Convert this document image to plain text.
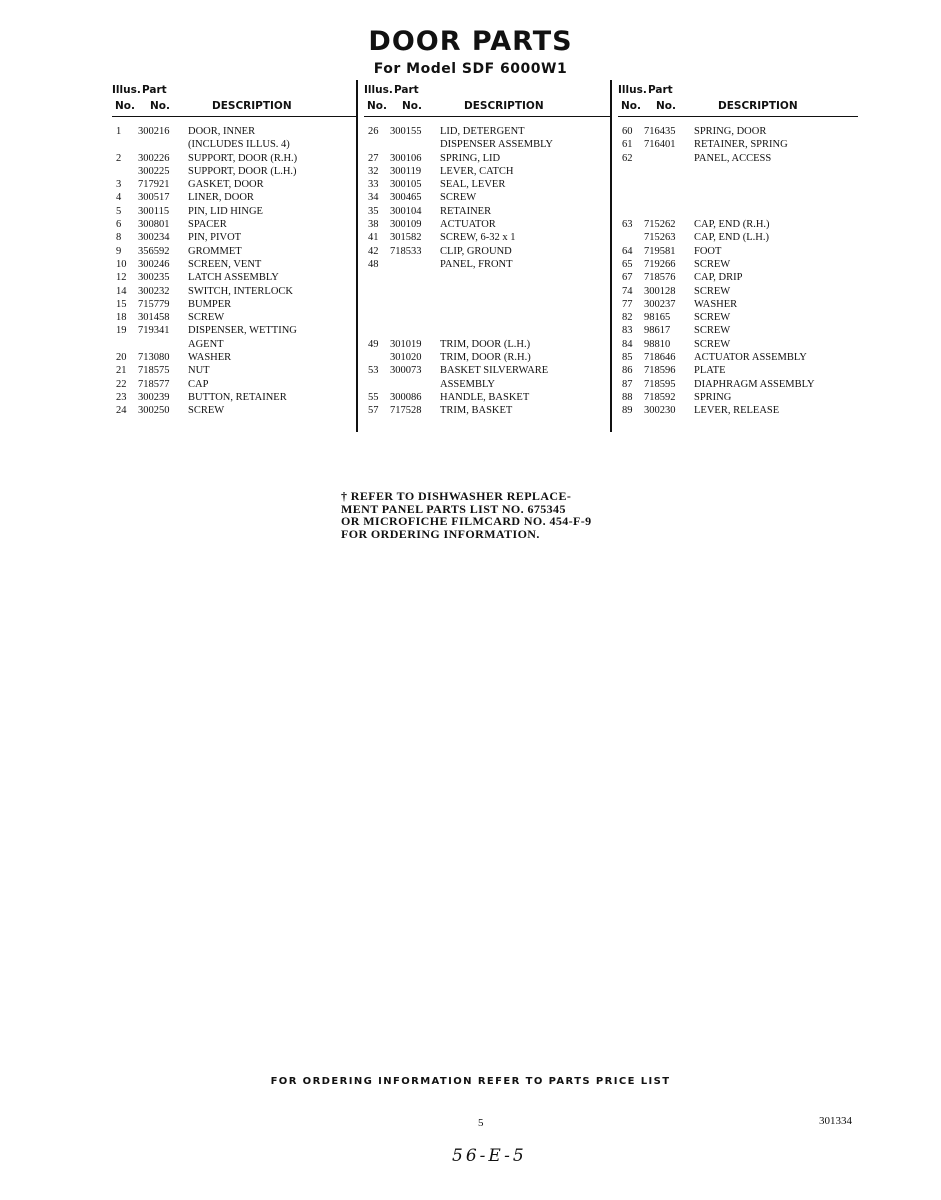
DOOR PARTS
For Model SDF 6000W1
Illus. Part
No. No.	DESCRIPTION
1	300216	DOOR, INNER
(INCLUDES ILLUS. 4)
2	300226	SUPPORT, DOOR (R.H.)
300225	SUPPORT, DOOR (L.H.)
3	717921	GASKET, DOOR
4	300517	LINER, DOOR
5	300115	PIN, LID HINGE
6	300801	SPACER
8	300234	PIN, PIVOT
9	356592	GROMMET
10	300246	SCREEN, VENT
12	300235	LATCH ASSEMBLY
14	300232	SWITCH, INTERLOCK
15	715779	BUMPER
18	301458	SCREW
19	719341	DISPENSER, WETTING
AGENT
20	713080	WASHER
21	718575	NUT
22	718577	CAP
23	300239	BUTTON, RETAINER
24	300250	SCREW
Illus. Part
No. No.	DESCRIPTION
26	300155	LID, DETERGENT
DISPENSER ASSEMBLY
27	300106	SPRING, LID
32	300119	LEVER, CATCH
33	300105	SEAL, LEVER
34	300465	SCREW
35	300104	RETAINER
38	300109	ACTUATOR
41	301582	SCREW, 6-32 x 1
42	718533	CLIP, GROUND
48	PANEL, FRONT
49	301019	TRIM, DOOR (L.H.)
301020	TRIM, DOOR (R.H.)
53	300073	BASKET SILVERWARE
ASSEMBLY
55	300086	HANDLE, BASKET
57	717528	TRIM, BASKET
Illus. Part
No. No.	DESCRIPTION
60	716435	SPRING, DOOR
61	716401	RETAINER, SPRING
62	PANEL, ACCESS
63	715262	CAP, END (R.H.)
715263	CAP, END (L.H.)
64	719581	FOOT
65	719266	SCREW
67	718576	CAP, DRIP
74	300128	SCREW
77	300237	WASHER
82	98165	SCREW
83	98617	SCREW
84	98810	SCREW
85	718646	ACTUATOR ASSEMBLY
86	718596	PLATE
87	718595	DIAPHRAGM ASSEMBLY
88	718592	SPRING
89	300230	LEVER, RELEASE
† REFER TO DISHWASHER REPLACE-
MENT PANEL PARTS LIST NO. 675345
OR MICROFICHE FILMCARD NO. 454-F-9
FOR ORDERING INFORMATION.
FOR ORDERING INFORMATION REFER TO PARTS PRICE LIST
5	301334
56-E-5
